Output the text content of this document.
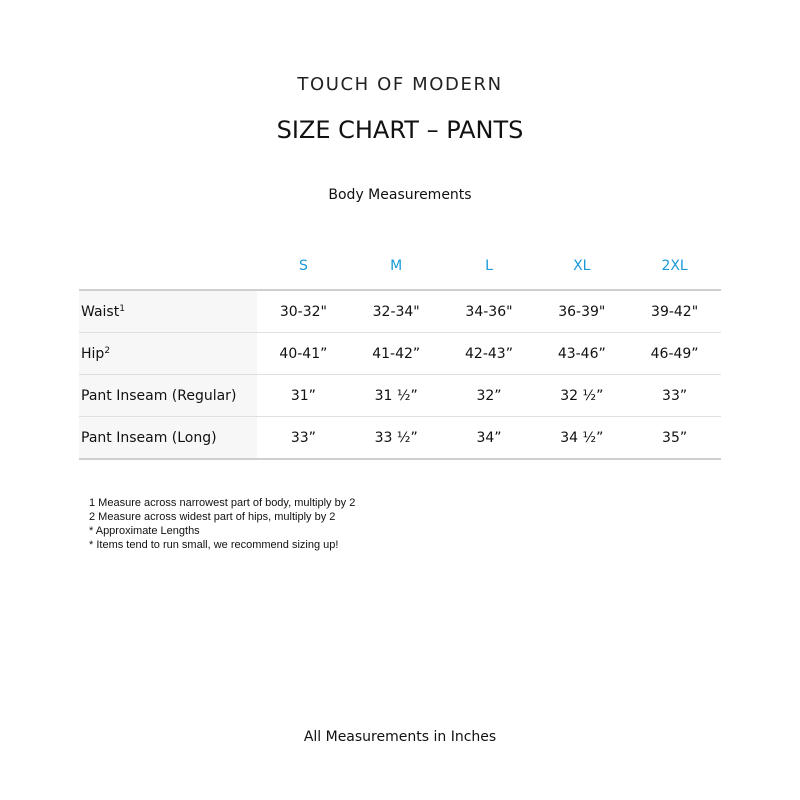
TOUCH OF MODERN
SIZE CHART – PANTS
Body Measurements
	S	M	L	XL	2XL
Waist$^1$	30-32"	32-34"	34-36"	36-39"	39-42"
Hip$^2$	40-41”	41-42”	42-43”	43-46”	46-49”
Pant Inseam (Regular)	31”	31 ½”	32”	32 ½”	33”
Pant Inseam (Long)	33”	33 ½”	34”	34 ½”	35”
1 Measure across narrowest part of body, multiply by 2
2 Measure across widest part of hips, multiply by 2
* Approximate Lengths
* Items tend to run small, we recommend sizing up!
All Measurements in Inches
